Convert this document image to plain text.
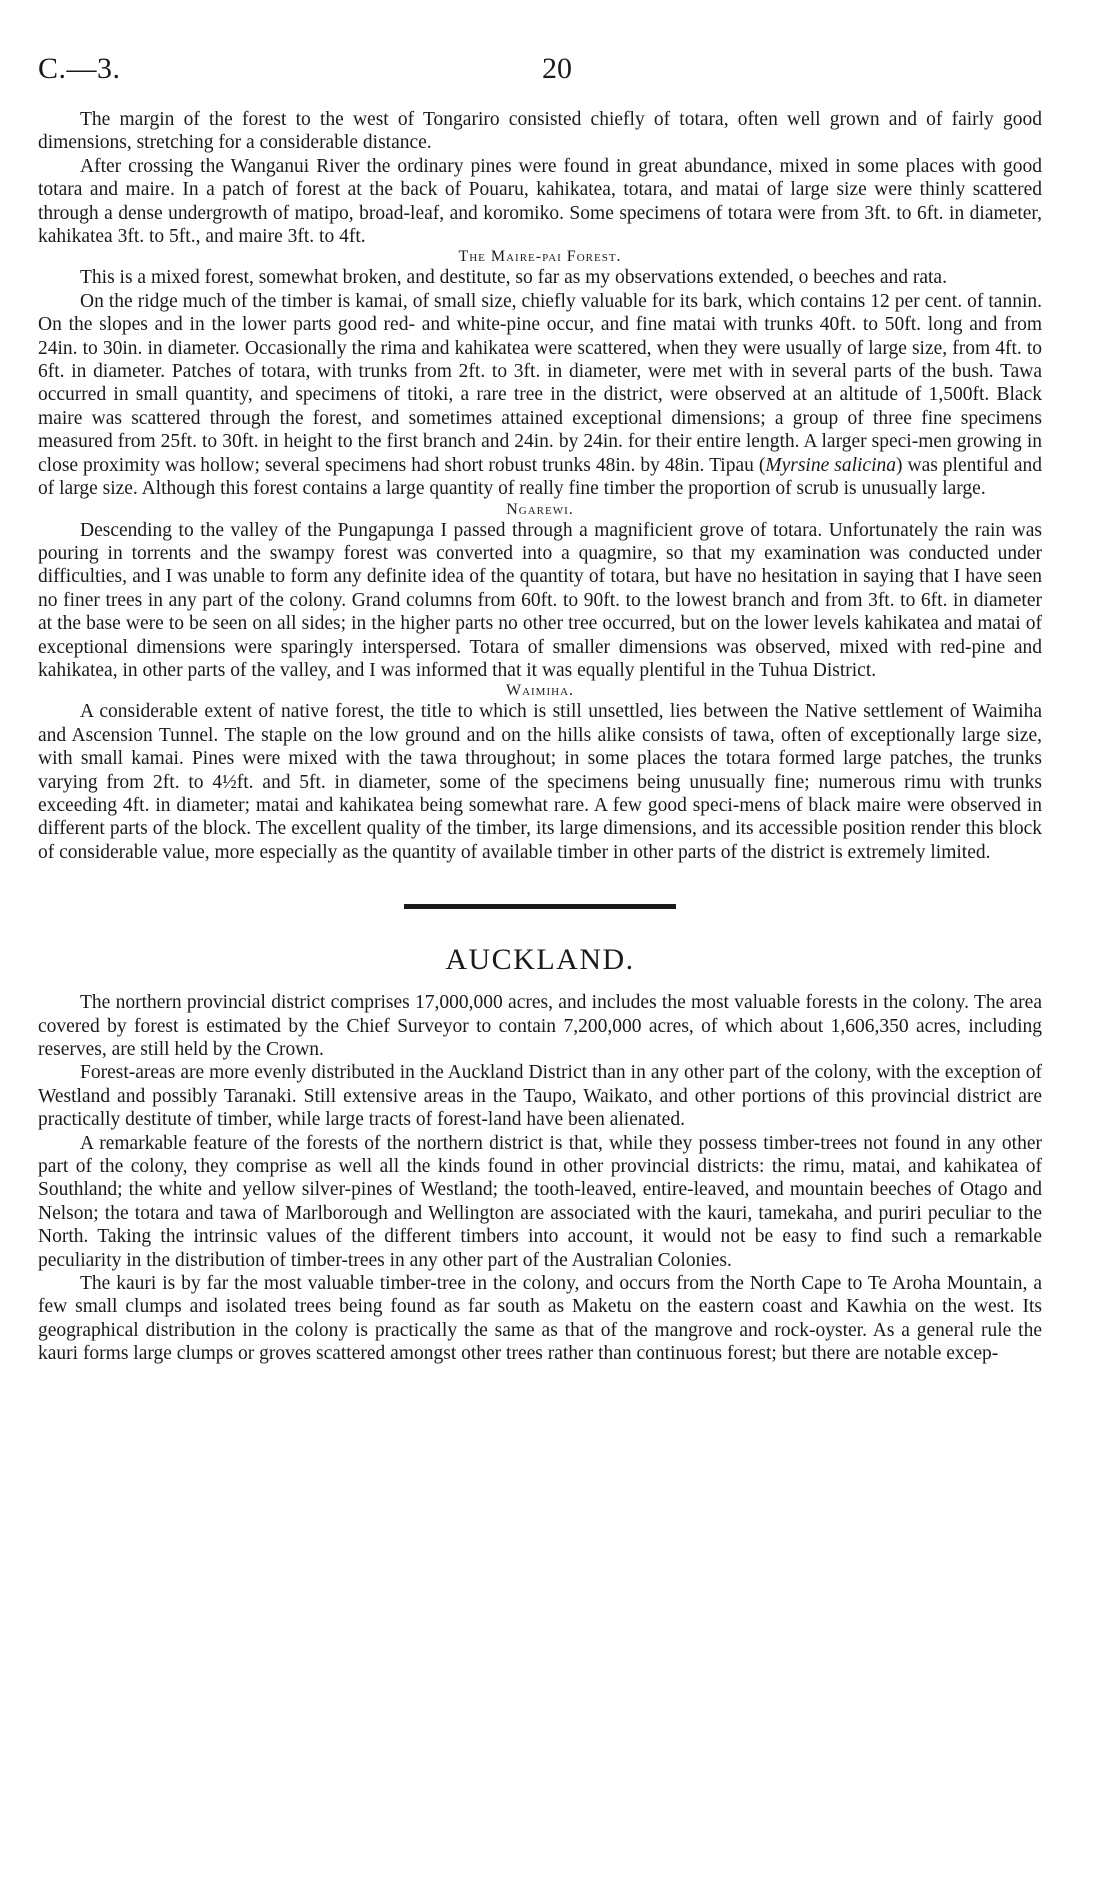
C.—3.	20

The margin of the forest to the west of Tongariro consisted chiefly of totara, often well grown and of fairly good dimensions, stretching for a considerable distance.

After crossing the Wanganui River the ordinary pines were found in great abundance, mixed in some places with good totara and maire. In a patch of forest at the back of Pouaru, kahikatea, totara, and matai of large size were thinly scattered through a dense undergrowth of matipo, broad-leaf, and koromiko. Some specimens of totara were from 3ft. to 6ft. in diameter, kahikatea 3ft. to 5ft., and maire 3ft. to 4ft.

The Maire-pai Forest.

This is a mixed forest, somewhat broken, and destitute, so far as my observations extended, o beeches and rata.

On the ridge much of the timber is kamai, of small size, chiefly valuable for its bark, which contains 12 per cent. of tannin. On the slopes and in the lower parts good red- and white-pine occur, and fine matai with trunks 40ft. to 50ft. long and from 24in. to 30in. in diameter. Occasionally the rima and kahikatea were scattered, when they were usually of large size, from 4ft. to 6ft. in diameter. Patches of totara, with trunks from 2ft. to 3ft. in diameter, were met with in several parts of the bush. Tawa occurred in small quantity, and specimens of titoki, a rare tree in the district, were observed at an altitude of 1,500ft. Black maire was scattered through the forest, and sometimes attained exceptional dimensions; a group of three fine specimens measured from 25ft. to 30ft. in height to the first branch and 24in. by 24in. for their entire length. A larger speci-men growing in close proximity was hollow; several specimens had short robust trunks 48in. by 48in. Tipau (Myrsine salicina) was plentiful and of large size. Although this forest contains a large quantity of really fine timber the proportion of scrub is unusually large.

Ngarewi.

Descending to the valley of the Pungapunga I passed through a magnificient grove of totara. Unfortunately the rain was pouring in torrents and the swampy forest was converted into a quagmire, so that my examination was conducted under difficulties, and I was unable to form any definite idea of the quantity of totara, but have no hesitation in saying that I have seen no finer trees in any part of the colony. Grand columns from 60ft. to 90ft. to the lowest branch and from 3ft. to 6ft. in diameter at the base were to be seen on all sides; in the higher parts no other tree occurred, but on the lower levels kahikatea and matai of exceptional dimensions were sparingly interspersed. Totara of smaller dimensions was observed, mixed with red-pine and kahikatea, in other parts of the valley, and I was informed that it was equally plentiful in the Tuhua District.

Waimiha.

A considerable extent of native forest, the title to which is still unsettled, lies between the Native settlement of Waimiha and Ascension Tunnel. The staple on the low ground and on the hills alike consists of tawa, often of exceptionally large size, with small kamai. Pines were mixed with the tawa throughout; in some places the totara formed large patches, the trunks varying from 2ft. to 4½ft. and 5ft. in diameter, some of the specimens being unusually fine; numerous rimu with trunks exceeding 4ft. in diameter; matai and kahikatea being somewhat rare. A few good speci-mens of black maire were observed in different parts of the block. The excellent quality of the timber, its large dimensions, and its accessible position render this block of considerable value, more especially as the quantity of available timber in other parts of the district is extremely limited.

AUCKLAND.

The northern provincial district comprises 17,000,000 acres, and includes the most valuable forests in the colony. The area covered by forest is estimated by the Chief Surveyor to contain 7,200,000 acres, of which about 1,606,350 acres, including reserves, are still held by the Crown.

Forest-areas are more evenly distributed in the Auckland District than in any other part of the colony, with the exception of Westland and possibly Taranaki. Still extensive areas in the Taupo, Waikato, and other portions of this provincial district are practically destitute of timber, while large tracts of forest-land have been alienated.

A remarkable feature of the forests of the northern district is that, while they possess timber-trees not found in any other part of the colony, they comprise as well all the kinds found in other provincial districts: the rimu, matai, and kahikatea of Southland; the white and yellow silver-pines of Westland; the tooth-leaved, entire-leaved, and mountain beeches of Otago and Nelson; the totara and tawa of Marlborough and Wellington are associated with the kauri, tamekaha, and puriri peculiar to the North. Taking the intrinsic values of the different timbers into account, it would not be easy to find such a remarkable peculiarity in the distribution of timber-trees in any other part of the Australian Colonies.

The kauri is by far the most valuable timber-tree in the colony, and occurs from the North Cape to Te Aroha Mountain, a few small clumps and isolated trees being found as far south as Maketu on the eastern coast and Kawhia on the west. Its geographical distribution in the colony is practically the same as that of the mangrove and rock-oyster. As a general rule the kauri forms large clumps or groves scattered amongst other trees rather than continuous forest; but there are notable excep-
